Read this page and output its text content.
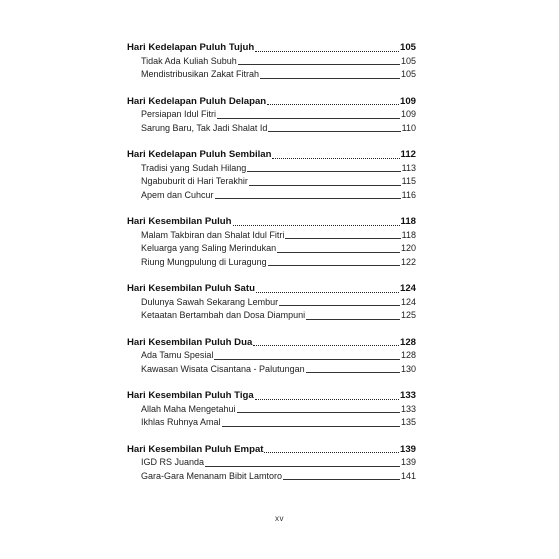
Hari Kedelapan Puluh Tujuh	105
Tidak Ada Kuliah Subuh	105
Mendistribusikan Zakat Fitrah	105
Hari Kedelapan Puluh Delapan	109
Persiapan Idul Fitri	109
Sarung Baru, Tak Jadi Shalat Id	110
Hari Kedelapan Puluh Sembilan	112
Tradisi yang Sudah Hilang	113
Ngabuburit di Hari Terakhir	115
Apem dan Cuhcur	116
Hari Kesembilan Puluh	118
Malam Takbiran dan Shalat Idul Fitri	118
Keluarga yang Saling Merindukan	120
Riung Mungpulung di Luragung	122
Hari Kesembilan Puluh Satu	124
Dulunya Sawah Sekarang Lembur	124
Ketaatan Bertambah dan Dosa Diampuni	125
Hari Kesembilan Puluh Dua	128
Ada Tamu Spesial	128
Kawasan Wisata Cisantana - Palutungan	130
Hari Kesembilan Puluh Tiga	133
Allah Maha Mengetahui	133
Ikhlas Ruhnya Amal	135
Hari Kesembilan Puluh Empat	139
IGD RS Juanda	139
Gara-Gara Menanam Bibit Lamtoro	141
xv
